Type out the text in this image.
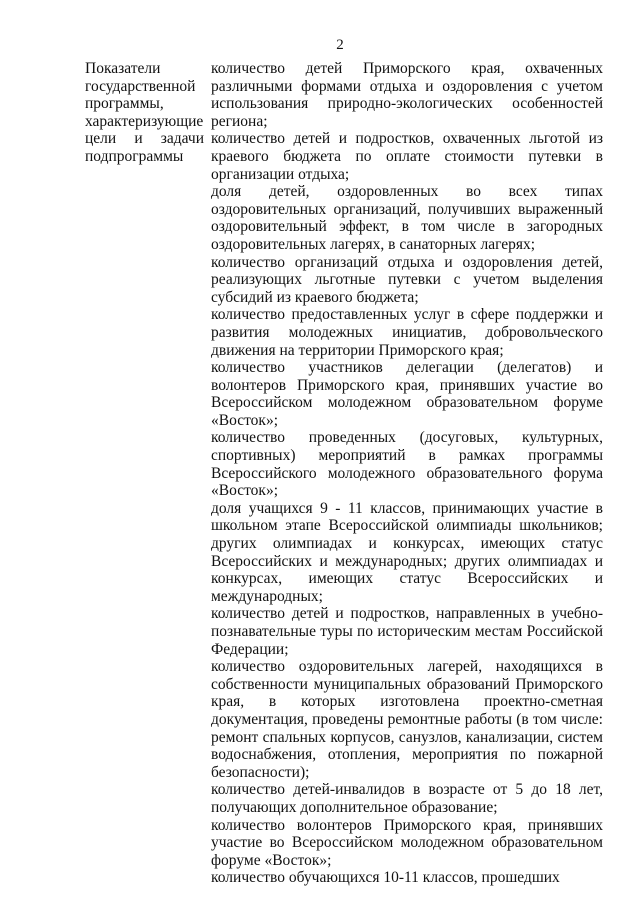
2
Показатели государственной программы, характеризующие цели и задачи подпрограммы

количество детей Приморского края, охваченных различными формами отдыха и оздоровления с учетом использования природно-экологических особенностей региона;

количество детей и подростков, охваченных льготой из краевого бюджета по оплате стоимости путевки в организации отдыха;

доля детей, оздоровленных во всех типах оздоровительных организаций, получивших выраженный оздоровительный эффект, в том числе в загородных оздоровительных лагерях, в санаторных лагерях;

количество организаций отдыха и оздоровления детей, реализующих льготные путевки с учетом выделения субсидий из краевого бюджета;

количество предоставленных услуг в сфере поддержки и развития молодежных инициатив, добровольческого движения на территории Приморского края;

количество участников делегации (делегатов) и волонтеров Приморского края, принявших участие во Всероссийском молодежном образовательном форуме «Восток»;

количество проведенных (досуговых, культурных, спортивных) мероприятий в рамках программы Всероссийского молодежного образовательного форума «Восток»;

доля учащихся 9 - 11 классов, принимающих участие в школьном этапе Всероссийской олимпиады школьников; других олимпиадах и конкурсах, имеющих статус Всероссийских и международных; других олимпиадах и конкурсах, имеющих статус Всероссийских и международных;

количество детей и подростков, направленных в учебно-познавательные туры по историческим местам Российской Федерации;

количество оздоровительных лагерей, находящихся в собственности муниципальных образований Приморского края, в которых изготовлена проектно-сметная документация, проведены ремонтные работы (в том числе: ремонт спальных корпусов, санузлов, канализации, систем водоснабжения, отопления, мероприятия по пожарной безопасности);

количество детей-инвалидов в возрасте от 5 до 18 лет, получающих дополнительное образование;

количество волонтеров Приморского края, принявших участие во Всероссийском молодежном образовательном форуме «Восток»;

количество обучающихся 10-11 классов, прошедших
